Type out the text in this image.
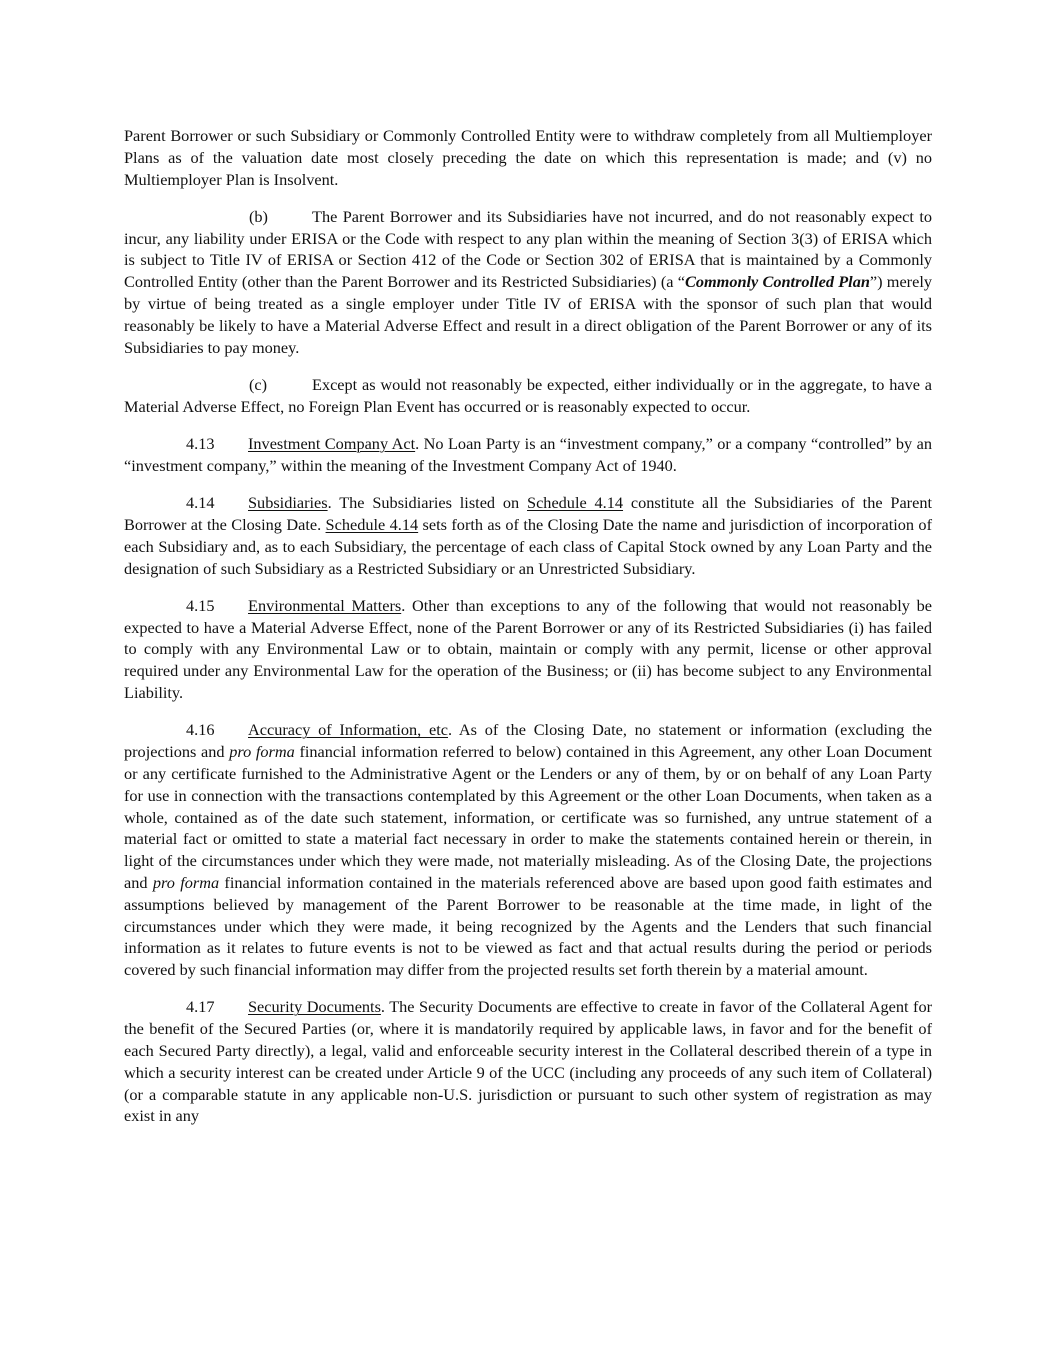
Parent Borrower or such Subsidiary or Commonly Controlled Entity were to withdraw completely from all Multiemployer Plans as of the valuation date most closely preceding the date on which this representation is made; and (v) no Multiemployer Plan is Insolvent.

(b)	The Parent Borrower and its Subsidiaries have not incurred, and do not reasonably expect to incur, any liability under ERISA or the Code with respect to any plan within the meaning of Section 3(3) of ERISA which is subject to Title IV of ERISA or Section 412 of the Code or Section 302 of ERISA that is maintained by a Commonly Controlled Entity (other than the Parent Borrower and its Restricted Subsidiaries) (a “Commonly Controlled Plan”) merely by virtue of being treated as a single employer under Title IV of ERISA with the sponsor of such plan that would reasonably be likely to have a Material Adverse Effect and result in a direct obligation of the Parent Borrower or any of its Subsidiaries to pay money.

(c)	Except as would not reasonably be expected, either individually or in the aggregate, to have a Material Adverse Effect, no Foreign Plan Event has occurred or is reasonably expected to occur.

4.13 Investment Company Act. No Loan Party is an “investment company,” or a company “controlled” by an “investment company,” within the meaning of the Investment Company Act of 1940.

4.14 Subsidiaries. The Subsidiaries listed on Schedule 4.14 constitute all the Subsidiaries of the Parent Borrower at the Closing Date. Schedule 4.14 sets forth as of the Closing Date the name and jurisdiction of incorporation of each Subsidiary and, as to each Subsidiary, the percentage of each class of Capital Stock owned by any Loan Party and the designation of such Subsidiary as a Restricted Subsidiary or an Unrestricted Subsidiary.

4.15 Environmental Matters. Other than exceptions to any of the following that would not reasonably be expected to have a Material Adverse Effect, none of the Parent Borrower or any of its Restricted Subsidiaries (i) has failed to comply with any Environmental Law or to obtain, maintain or comply with any permit, license or other approval required under any Environmental Law for the operation of the Business; or (ii) has become subject to any Environmental Liability.

4.16 Accuracy of Information, etc. As of the Closing Date, no statement or information (excluding the projections and pro forma financial information referred to below) contained in this Agreement, any other Loan Document or any certificate furnished to the Administrative Agent or the Lenders or any of them, by or on behalf of any Loan Party for use in connection with the transactions contemplated by this Agreement or the other Loan Documents, when taken as a whole, contained as of the date such statement, information, or certificate was so furnished, any untrue statement of a material fact or omitted to state a material fact necessary in order to make the statements contained herein or therein, in light of the circumstances under which they were made, not materially misleading. As of the Closing Date, the projections and pro forma financial information contained in the materials referenced above are based upon good faith estimates and assumptions believed by management of the Parent Borrower to be reasonable at the time made, in light of the circumstances under which they were made, it being recognized by the Agents and the Lenders that such financial information as it relates to future events is not to be viewed as fact and that actual results during the period or periods covered by such financial information may differ from the projected results set forth therein by a material amount.

4.17 Security Documents. The Security Documents are effective to create in favor of the Collateral Agent for the benefit of the Secured Parties (or, where it is mandatorily required by applicable laws, in favor and for the benefit of each Secured Party directly), a legal, valid and enforceable security interest in the Collateral described therein of a type in which a security interest can be created under Article 9 of the UCC (including any proceeds of any such item of Collateral) (or a comparable statute in any applicable non-U.S. jurisdiction or pursuant to such other system of registration as may exist in any
